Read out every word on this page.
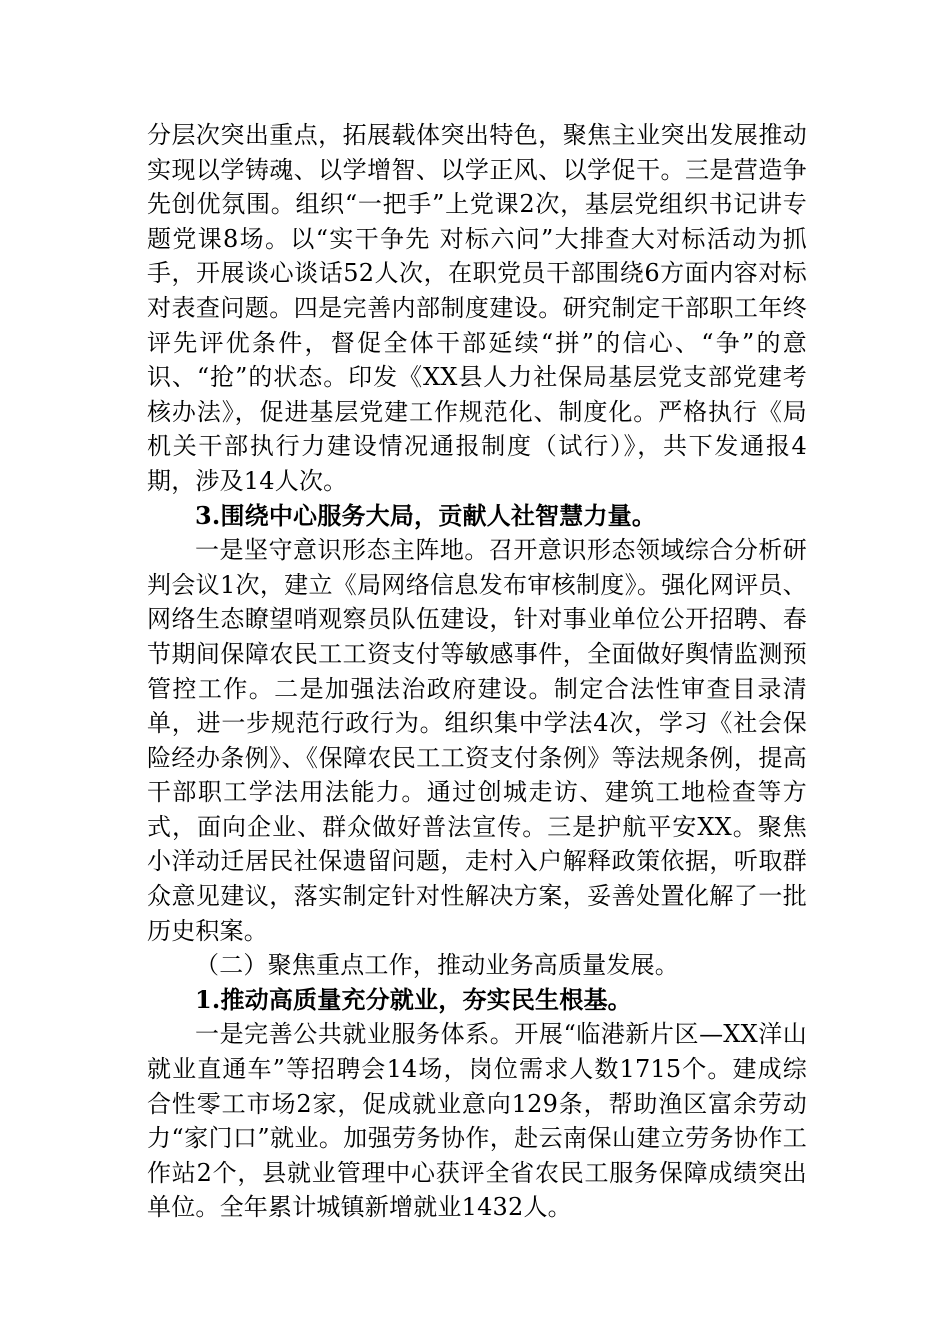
分层次突出重点，拓展载体突出特色，聚焦主业突出发展推动实现以学铸魂、以学增智、以学正风、以学促干。三是营造争先创优氛围。组织“一把手”上党课2次，基层党组织书记讲专题党课8场。以“实干争先 对标六问”大排查大对标活动为抓手，开展谈心谈话52人次，在职党员干部围绕6方面内容对标对表查问题。四是完善内部制度建设。研究制定干部职工年终评先评优条件，督促全体干部延续“拼”的信心、“争”的意识、“抢”的状态。印发《XX县人力社保局基层党支部党建考核办法》，促进基层党建工作规范化、制度化。严格执行《局机关干部执行力建设情况通报制度（试行）》，共下发通报4期，涉及14人次。

3.围绕中心服务大局，贡献人社智慧力量。

一是坚守意识形态主阵地。召开意识形态领域综合分析研判会议1次，建立《局网络信息发布审核制度》。强化网评员、网络生态瞭望哨观察员队伍建设，针对事业单位公开招聘、春节期间保障农民工工资支付等敏感事件，全面做好舆情监测预管控工作。二是加强法治政府建设。制定合法性审查目录清单，进一步规范行政行为。组织集中学法4次，学习《社会保险经办条例》、《保障农民工工资支付条例》等法规条例，提高干部职工学法用法能力。通过创城走访、建筑工地检查等方式，面向企业、群众做好普法宣传。三是护航平安XX。聚焦小洋动迁居民社保遗留问题，走村入户解释政策依据，听取群众意见建议，落实制定针对性解决方案，妥善处置化解了一批历史积案。

（二）聚焦重点工作，推动业务高质量发展。

1.推动高质量充分就业，夯实民生根基。

一是完善公共就业服务体系。开展“临港新片区—XX洋山就业直通车”等招聘会14场，岗位需求人数1715个。建成综合性零工市场2家，促成就业意向129条，帮助渔区富余劳动力“家门口”就业。加强劳务协作，赴云南保山建立劳务协作工作站2个，县就业管理中心获评全省农民工服务保障成绩突出单位。全年累计城镇新增就业1432人。
